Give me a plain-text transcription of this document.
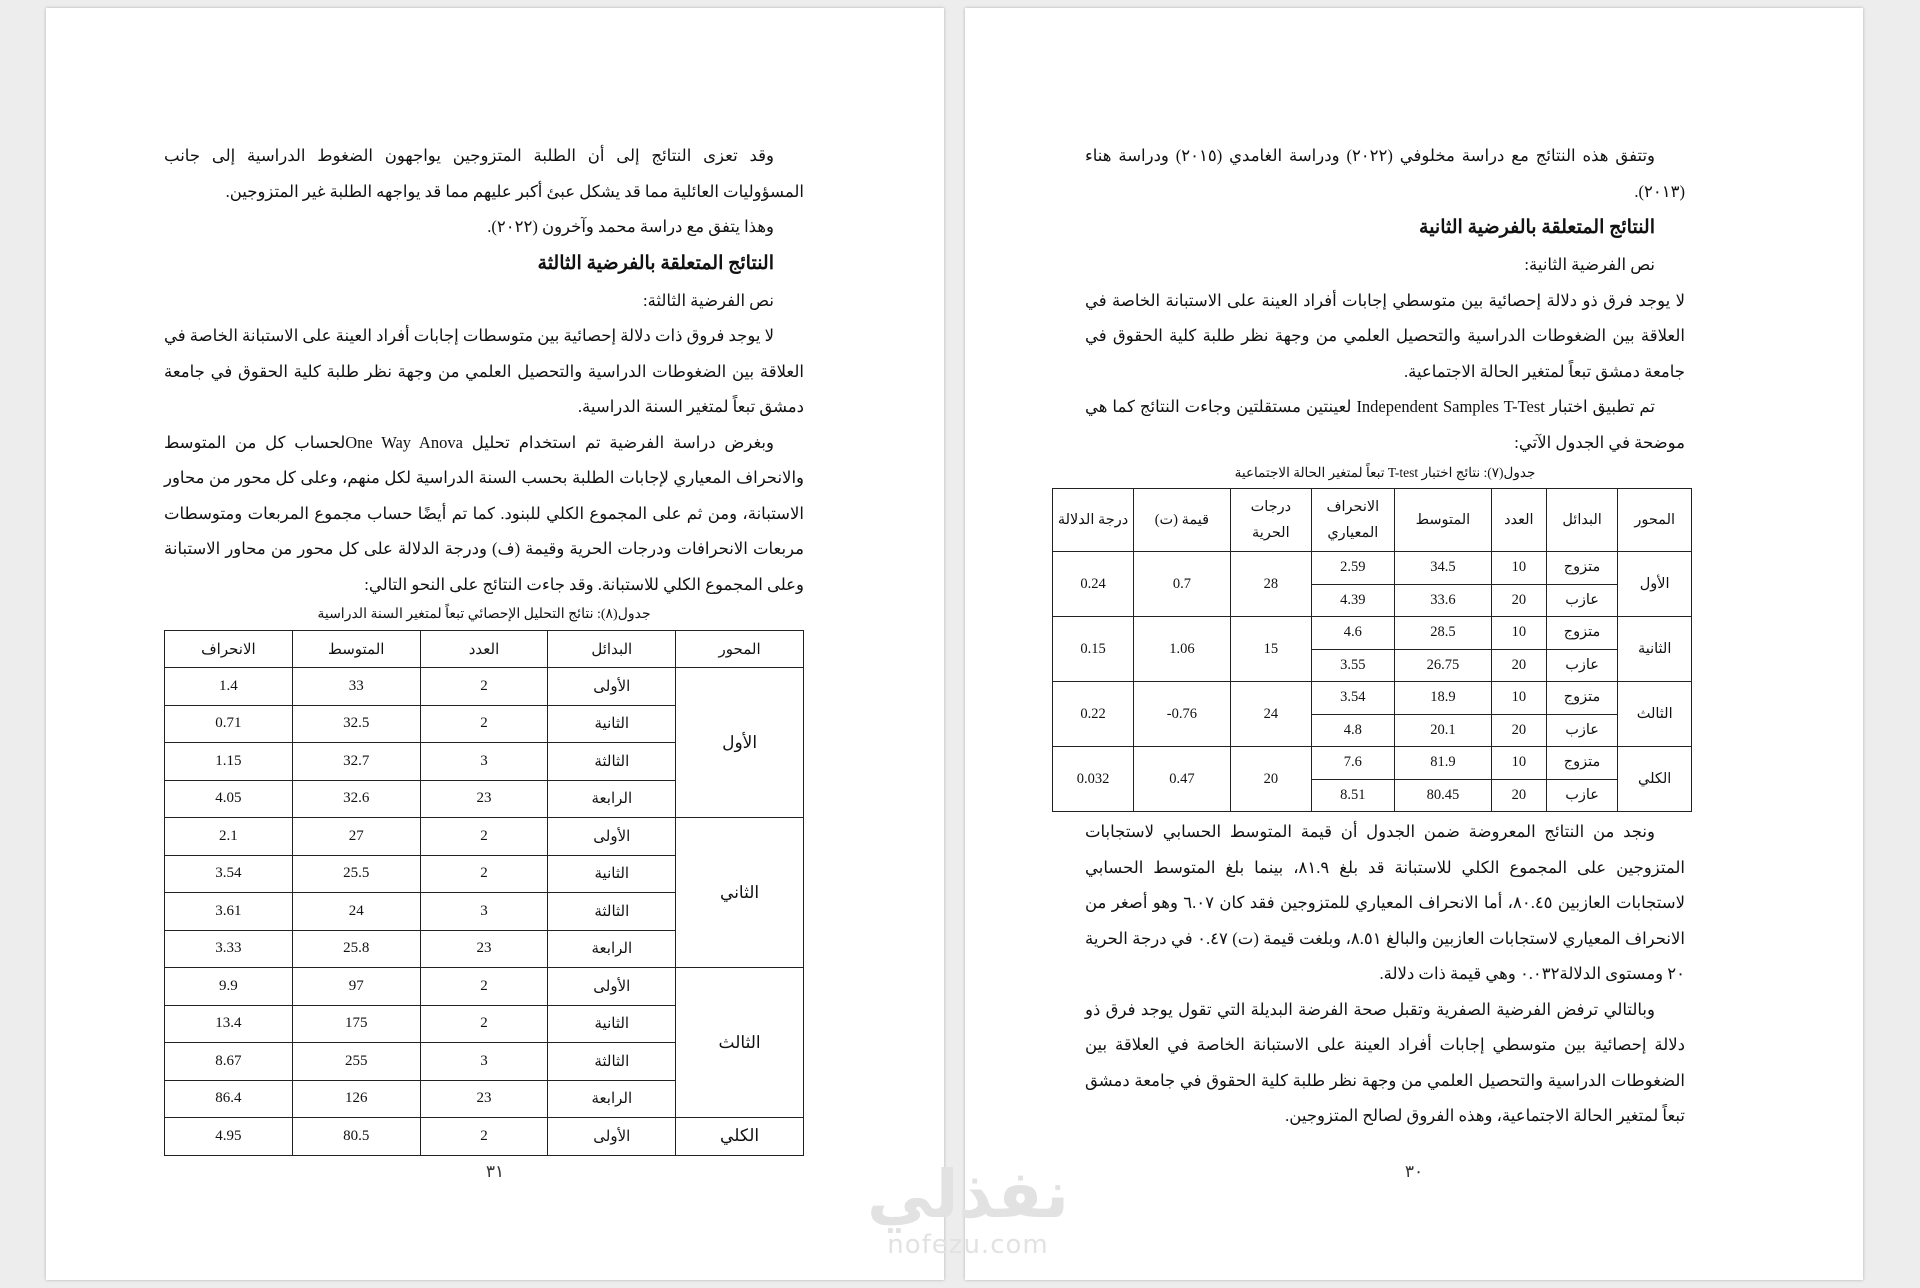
وقد تعزى النتائج إلى أن الطلبة المتزوجين يواجهون الضغوط الدراسية إلى جانب المسؤوليات العائلية مما قد يشكل عبئ أكبر عليهم مما قد يواجهه الطلبة غير المتزوجين.

وهذا يتفق مع دراسة محمد وآخرون (٢٠٢٢).

النتائج المتعلقة بالفرضية الثالثة

نص الفرضية الثالثة:

لا يوجد فروق ذات دلالة إحصائية بين متوسطات إجابات أفراد العينة على الاستبانة الخاصة في العلاقة بين الضغوطات الدراسية والتحصيل العلمي من وجهة نظر طلبة كلية الحقوق في جامعة دمشق تبعاً لمتغير السنة الدراسية.

وبغرض دراسة الفرضية تم استخدام تحليل One Way Anovaلحساب كل من المتوسط والانحراف المعياري لإجابات الطلبة بحسب السنة الدراسية لكل منهم، وعلى كل محور من محاور الاستبانة، ومن ثم على المجموع الكلي للبنود. كما تم أيضًا حساب مجموع المربعات ومتوسطات مربعات الانحرافات ودرجات الحرية وقيمة (ف) ودرجة الدلالة على كل محور من محاور الاستبانة وعلى المجموع الكلي للاستبانة. وقد جاءت النتائج على النحو التالي:

جدول(٨): نتائج التحليل الإحصائي تبعاً لمتغير السنة الدراسية
المحور	البدائل	العدد	المتوسط	الانحراف
الأول	الأولى	2	33	1.4
	الثانية	2	32.5	0.71
	الثالثة	3	32.7	1.15
	الرابعة	23	32.6	4.05
الثاني	الأولى	2	27	2.1
	الثانية	2	25.5	3.54
	الثالثة	3	24	3.61
	الرابعة	23	25.8	3.33
الثالث	الأولى	2	97	9.9
	الثانية	2	175	13.4
	الثالثة	3	255	8.67
	الرابعة	23	126	86.4
الكلي	الأولى	2	80.5	4.95
٣١

وتتفق هذه النتائج مع دراسة مخلوفي (٢٠٢٢) ودراسة الغامدي (٢٠١٥) ودراسة هناء (٢٠١٣).

النتائج المتعلقة بالفرضية الثانية

نص الفرضية الثانية:

لا يوجد فرق ذو دلالة إحصائية بين متوسطي إجابات أفراد العينة على الاستبانة الخاصة في العلاقة بين الضغوطات الدراسية والتحصيل العلمي من وجهة نظر طلبة كلية الحقوق في جامعة دمشق تبعاً لمتغير الحالة الاجتماعية.

تم تطبيق اختبار Independent Samples T-Test لعينتين مستقلتين وجاءت النتائج كما هي موضحة في الجدول الآتي:

جدول(٧): نتائج اختبار T-test تبعاً لمتغير الحالة الاجتماعية
المحور	البدائل	العدد	المتوسط	الانحراف المعياري	درجات الحرية	قيمة (ت)	درجة الدلالة
الأول	متزوج	10	34.5	2.59	28	0.7	0.24
	عازب	20	33.6	4.39			
الثانية	متزوج	10	28.5	4.6	15	1.06	0.15
	عازب	20	26.75	3.55			
الثالث	متزوج	10	18.9	3.54	24	-0.76	0.22
	عازب	20	20.1	4.8			
الكلي	متزوج	10	81.9	7.6	20	0.47	0.032
	عازب	20	80.45	8.51			

ونجد من النتائج المعروضة ضمن الجدول أن قيمة المتوسط الحسابي لاستجابات المتزوجين على المجموع الكلي للاستبانة قد بلغ ٨١.٩، بينما بلغ المتوسط الحسابي لاستجابات العازبين ٨٠.٤٥، أما الانحراف المعياري للمتزوجين فقد كان ٦.٠٧ وهو أصغر من الانحراف المعياري لاستجابات العازبين والبالغ ٨.٥١، وبلغت قيمة (ت) ٠.٤٧ في درجة الحرية ٢٠ ومستوى الدلالة٠.٠٣٢ وهي قيمة ذات دلالة.

وبالتالي ترفض الفرضية الصفرية وتقبل صحة الفرضة البديلة التي تقول يوجد فرق ذو دلالة إحصائية بين متوسطي إجابات أفراد العينة على الاستبانة الخاصة في العلاقة بين الضغوطات الدراسية والتحصيل العلمي من وجهة نظر طلبة كلية الحقوق في جامعة دمشق تبعاً لمتغير الحالة الاجتماعية، وهذه الفروق لصالح المتزوجين.

٣٠
نفذلي
nofezu.com
